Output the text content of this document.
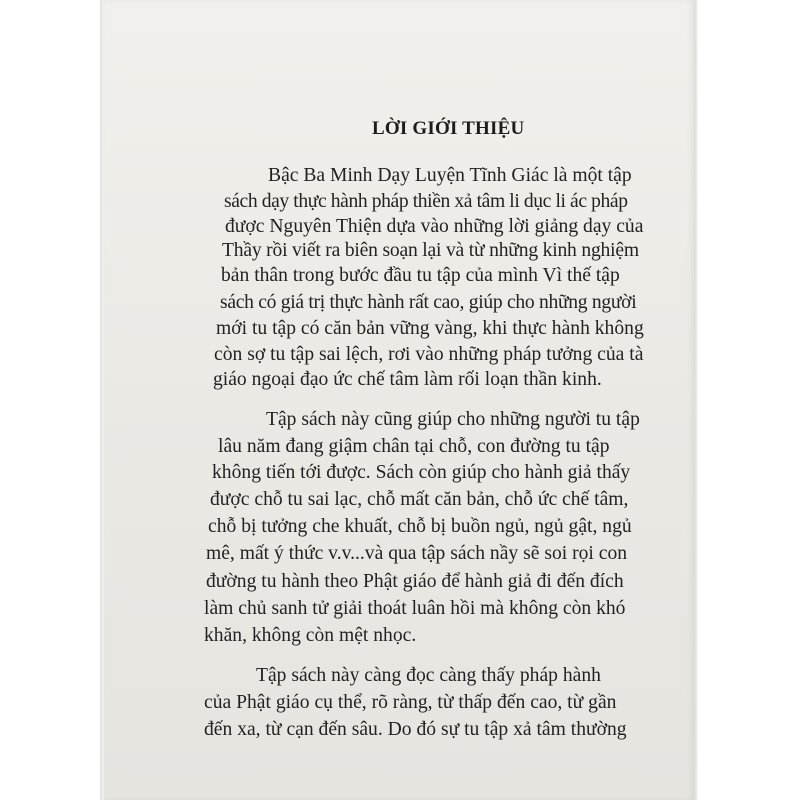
LỜI GIỚI THIỆU

Bậc Ba Minh Dạy Luyện Tĩnh Giác là một tập

sách dạy thực hành pháp thiền xả tâm li dục li ác pháp

được Nguyên Thiện dựa vào những lời giảng dạy của

Thầy rồi viết ra biên soạn lại và từ những kinh nghiệm

bản thân trong bước đầu tu tập của mình Vì thế tập

sách có giá trị thực hành rất cao, giúp cho những người

mới tu tập có căn bản vững vàng, khi thực hành không

còn sợ tu tập sai lệch, rơi vào những pháp tưởng của tà

giáo ngoại đạo ức chế tâm làm rối loạn thần kinh.

Tập sách này cũng giúp cho những người tu tập

lâu năm đang giậm chân tại chỗ, con đường tu tập

không tiến tới được. Sách còn giúp cho hành giả thấy

được chỗ tu sai lạc, chỗ mất căn bản, chỗ ức chế tâm,

chỗ bị tưởng che khuất, chỗ bị buồn ngủ, ngủ gật, ngủ

mê, mất ý thức v.v...và qua tập sách nầy sẽ soi rọi con

đường tu hành theo Phật giáo để hành giả đi đến đích

làm chủ sanh tử giải thoát luân hồi mà không còn khó

khăn, không còn mệt nhọc.

Tập sách này càng đọc càng thấy pháp hành

của Phật giáo cụ thể, rõ ràng, từ thấp đến cao, từ gần

đến xa, từ cạn đến sâu. Do đó sự tu tập xả tâm thường
